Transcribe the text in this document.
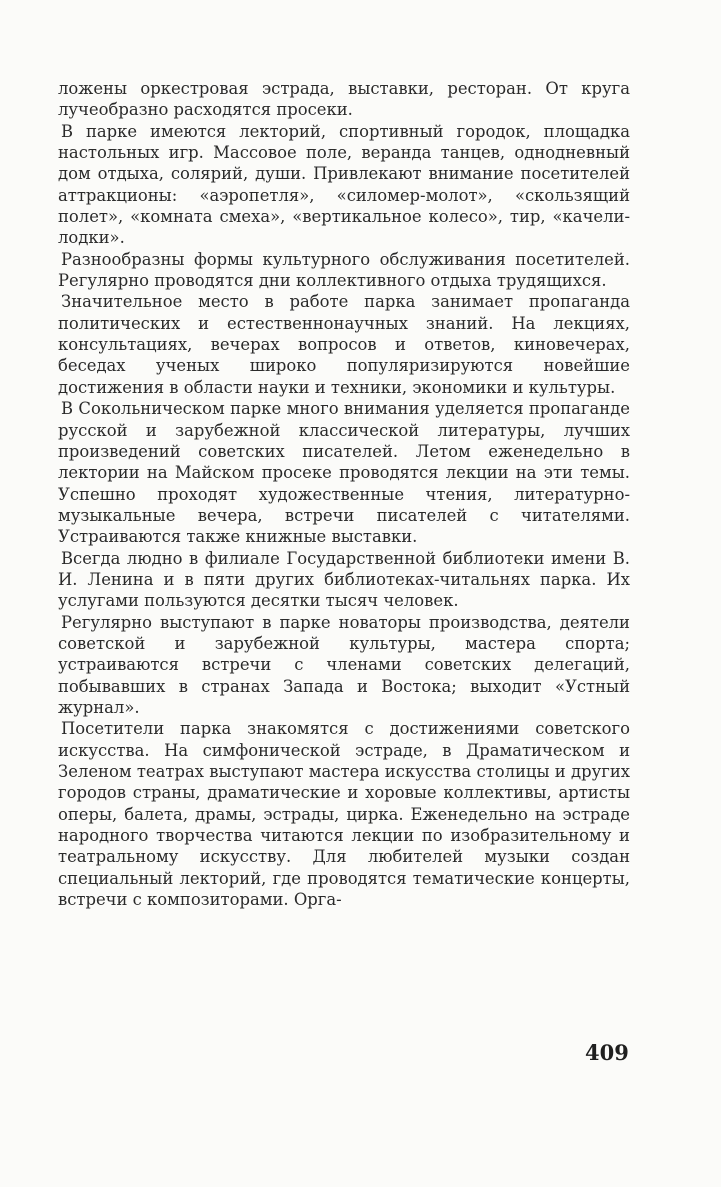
ложены оркестровая эстрада, выставки, ресторан. От круга лучеобразно расходятся просеки.

В парке имеются лекторий, спортивный городок, площадка настольных игр. Массовое поле, веранда танцев, однодневный дом отдыха, солярий, души. Привлекают внимание посетителей аттракционы: «аэропетля», «силомер-молот», «скользящий полет», «комната смеха», «вертикальное колесо», тир, «качели-лодки».

Разнообразны формы культурного обслуживания посетителей. Регулярно проводятся дни коллективного отдыха трудящихся.

Значительное место в работе парка занимает пропаганда политических и естественнонаучных знаний. На лекциях, консультациях, вечерах вопросов и ответов, киновечерах, беседах ученых широко популяризируются новейшие достижения в области науки и техники, экономики и культуры.

В Сокольническом парке много внимания уделяется пропаганде русской и зарубежной классической литературы, лучших произведений советских писателей. Летом еженедельно в лектории на Майском просеке проводятся лекции на эти темы. Успешно проходят художественные чтения, литературно-музыкальные вечера, встречи писателей с читателями. Устраиваются также книжные выставки.

Всегда людно в филиале Государственной библиотеки имени В. И. Ленина и в пяти других библиотеках-читальнях парка. Их услугами пользуются десятки тысяч человек.

Регулярно выступают в парке новаторы производства, деятели советской и зарубежной культуры, мастера спорта; устраиваются встречи с членами советских делегаций, побывавших в странах Запада и Востока; выходит «Устный журнал».

Посетители парка знакомятся с достижениями советского искусства. На симфонической эстраде, в Драматическом и Зеленом театрах выступают мастера искусства столицы и других городов страны, драматические и хоровые коллективы, артисты оперы, балета, драмы, эстрады, цирка. Еженедельно на эстраде народного творчества читаются лекции по изобразительному и театральному искусству. Для любителей музыки создан специальный лекторий, где проводятся тематические концерты, встречи с композиторами. Орга-

409
